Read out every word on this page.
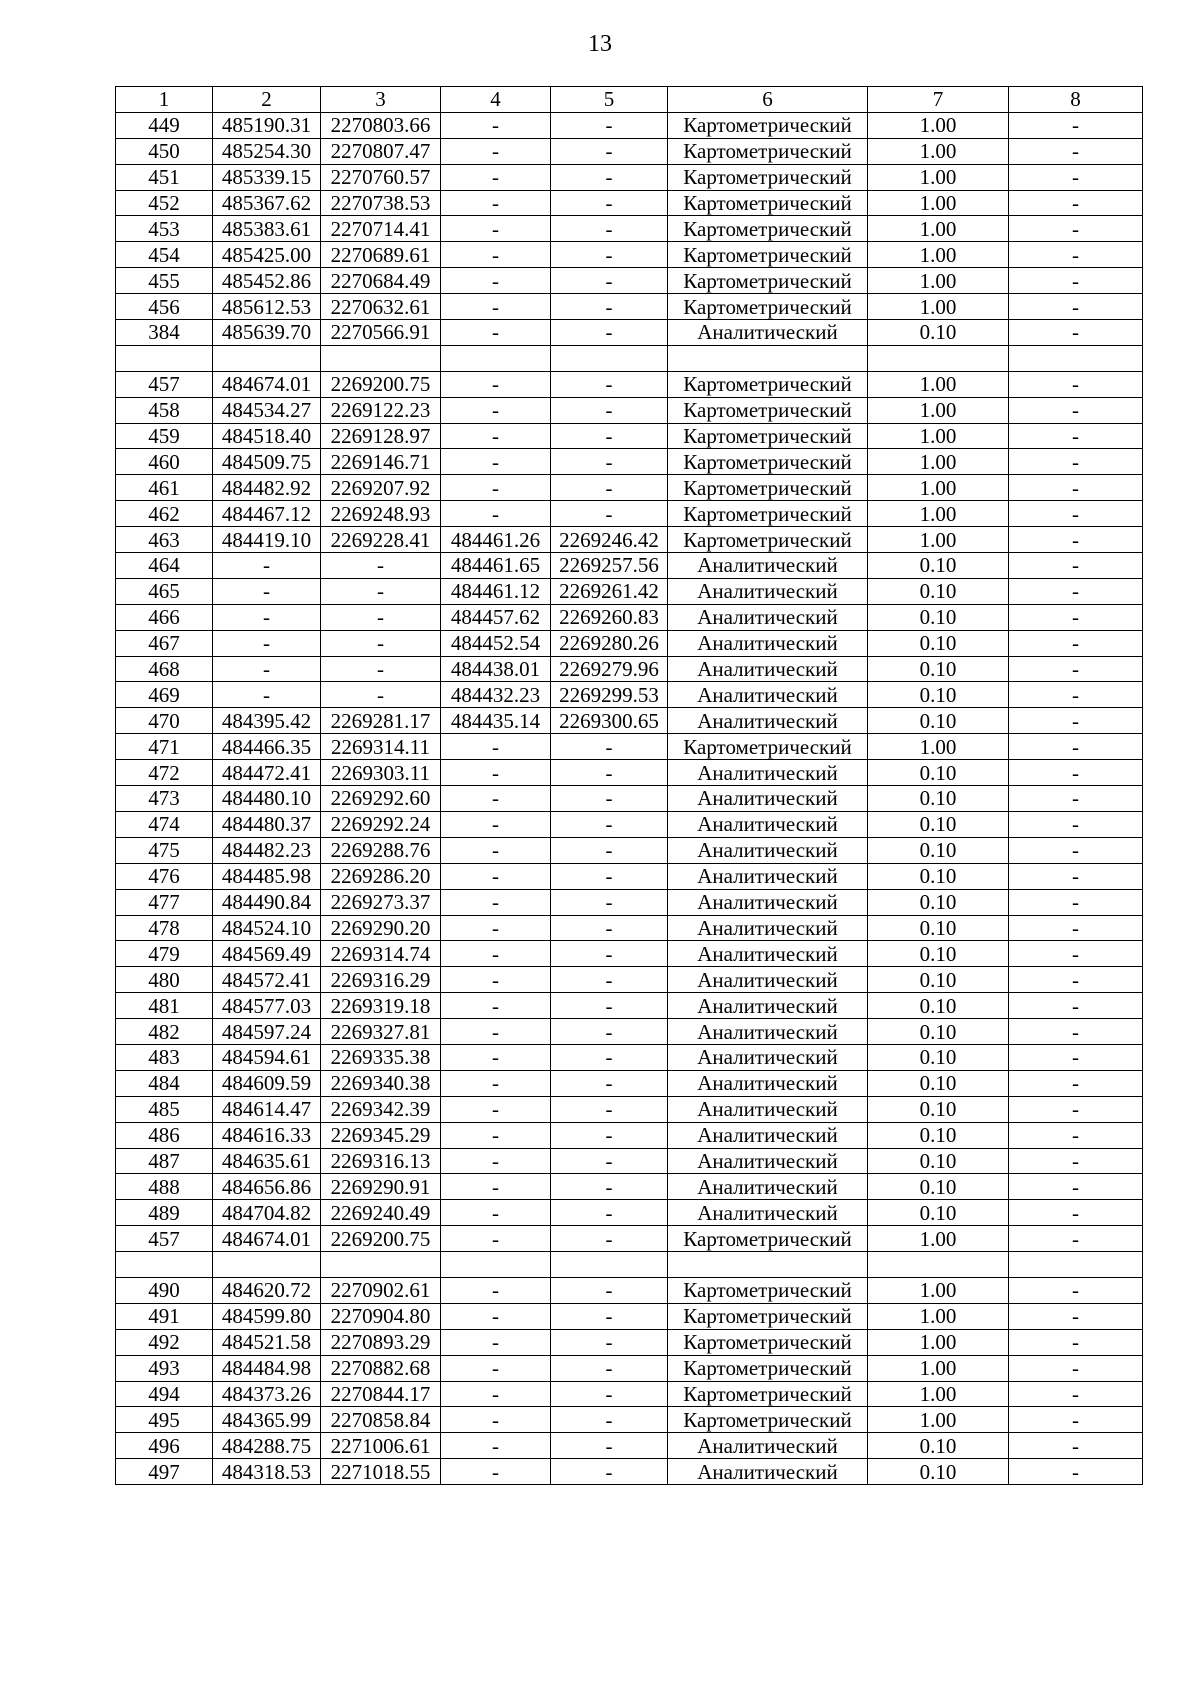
13
1	2	3	4	5	6	7	8
449	485190.31	2270803.66	-	-	Картометрический	1.00	-
450	485254.30	2270807.47	-	-	Картометрический	1.00	-
451	485339.15	2270760.57	-	-	Картометрический	1.00	-
452	485367.62	2270738.53	-	-	Картометрический	1.00	-
453	485383.61	2270714.41	-	-	Картометрический	1.00	-
454	485425.00	2270689.61	-	-	Картометрический	1.00	-
455	485452.86	2270684.49	-	-	Картометрический	1.00	-
456	485612.53	2270632.61	-	-	Картометрический	1.00	-
384	485639.70	2270566.91	-	-	Аналитический	0.10	-

457	484674.01	2269200.75	-	-	Картометрический	1.00	-
458	484534.27	2269122.23	-	-	Картометрический	1.00	-
459	484518.40	2269128.97	-	-	Картометрический	1.00	-
460	484509.75	2269146.71	-	-	Картометрический	1.00	-
461	484482.92	2269207.92	-	-	Картометрический	1.00	-
462	484467.12	2269248.93	-	-	Картометрический	1.00	-
463	484419.10	2269228.41	484461.26	2269246.42	Картометрический	1.00	-
464	-	-	484461.65	2269257.56	Аналитический	0.10	-
465	-	-	484461.12	2269261.42	Аналитический	0.10	-
466	-	-	484457.62	2269260.83	Аналитический	0.10	-
467	-	-	484452.54	2269280.26	Аналитический	0.10	-
468	-	-	484438.01	2269279.96	Аналитический	0.10	-
469	-	-	484432.23	2269299.53	Аналитический	0.10	-
470	484395.42	2269281.17	484435.14	2269300.65	Аналитический	0.10	-
471	484466.35	2269314.11	-	-	Картометрический	1.00	-
472	484472.41	2269303.11	-	-	Аналитический	0.10	-
473	484480.10	2269292.60	-	-	Аналитический	0.10	-
474	484480.37	2269292.24	-	-	Аналитический	0.10	-
475	484482.23	2269288.76	-	-	Аналитический	0.10	-
476	484485.98	2269286.20	-	-	Аналитический	0.10	-
477	484490.84	2269273.37	-	-	Аналитический	0.10	-
478	484524.10	2269290.20	-	-	Аналитический	0.10	-
479	484569.49	2269314.74	-	-	Аналитический	0.10	-
480	484572.41	2269316.29	-	-	Аналитический	0.10	-
481	484577.03	2269319.18	-	-	Аналитический	0.10	-
482	484597.24	2269327.81	-	-	Аналитический	0.10	-
483	484594.61	2269335.38	-	-	Аналитический	0.10	-
484	484609.59	2269340.38	-	-	Аналитический	0.10	-
485	484614.47	2269342.39	-	-	Аналитический	0.10	-
486	484616.33	2269345.29	-	-	Аналитический	0.10	-
487	484635.61	2269316.13	-	-	Аналитический	0.10	-
488	484656.86	2269290.91	-	-	Аналитический	0.10	-
489	484704.82	2269240.49	-	-	Аналитический	0.10	-
457	484674.01	2269200.75	-	-	Картометрический	1.00	-

490	484620.72	2270902.61	-	-	Картометрический	1.00	-
491	484599.80	2270904.80	-	-	Картометрический	1.00	-
492	484521.58	2270893.29	-	-	Картометрический	1.00	-
493	484484.98	2270882.68	-	-	Картометрический	1.00	-
494	484373.26	2270844.17	-	-	Картометрический	1.00	-
495	484365.99	2270858.84	-	-	Картометрический	1.00	-
496	484288.75	2271006.61	-	-	Аналитический	0.10	-
497	484318.53	2271018.55	-	-	Аналитический	0.10	-
